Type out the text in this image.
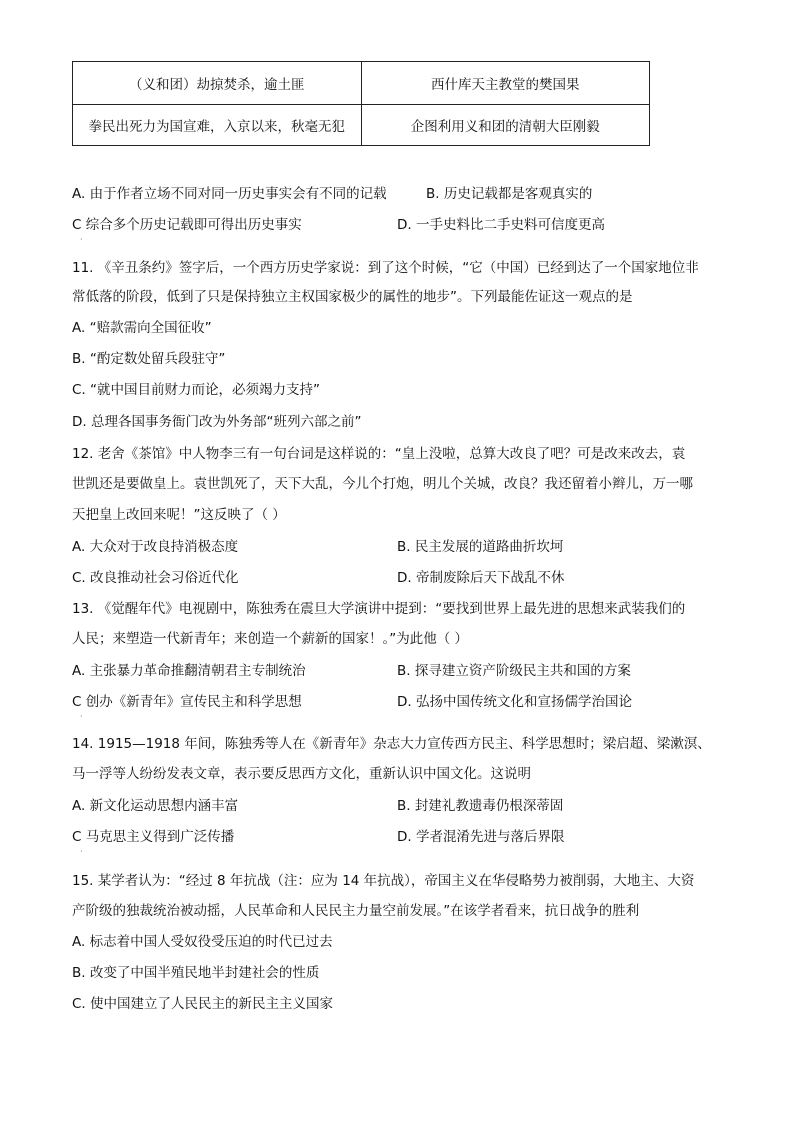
（义和团）劫掠焚杀，逾土匪	西什库天主教堂的樊国果
拳民出死力为国宣难，入京以来，秋毫无犯	企图利用义和团的清朝大臣刚毅
A. 由于作者立场不同对同一历史事实会有不同的记载	B. 历史记载都是客观真实的
C 综合多个历史记载即可得出历史事实	D. 一手史料比二手史料可信度更高
·
11. 《辛丑条约》签字后，一个西方历史学家说：到了这个时候，“它（中国）已经到达了一个国家地位非
常低落的阶段，低到了只是保持独立主权国家极少的属性的地步”。下列最能佐证这一观点的是
A. “赔款需向全国征收”
B. “酌定数处留兵段驻守”
C. “就中国目前财力而论，必须竭力支持”
D. 总理各国事务衙门改为外务部“班列六部之前”
12. 老舍《茶馆》中人物李三有一句台词是这样说的：“皇上没啦，总算大改良了吧？可是改来改去，袁
世凯还是要做皇上。袁世凯死了，天下大乱，今儿个打炮，明儿个关城，改良？我还留着小辫儿，万一哪
天把皇上改回来呢！”这反映了（ ）
A. 大众对于改良持消极态度	B. 民主发展的道路曲折坎坷
C. 改良推动社会习俗近代化	D. 帝制废除后天下战乱不休
13. 《觉醒年代》电视剧中，陈独秀在震旦大学演讲中提到：“要找到世界上最先进的思想来武装我们的
人民；来塑造一代新青年；来创造一个薪新的国家！。”为此他（ ）
A. 主张暴力革命推翻清朝君主专制统治	B. 探寻建立资产阶级民主共和国的方案
C 创办《新青年》宣传民主和科学思想	D. 弘扬中国传统文化和宣扬儒学治国论
·
14. 1915—1918 年间，陈独秀等人在《新青年》杂志大力宣传西方民主、科学思想时；梁启超、梁漱溟、
马一浮等人纷纷发表文章，表示要反思西方文化，重新认识中国文化。这说明
A. 新文化运动思想内涵丰富	B. 封建礼教遗毒仍根深蒂固
C 马克思主义得到广泛传播	D. 学者混淆先进与落后界限
·
15. 某学者认为：“经过 8 年抗战（注：应为 14 年抗战），帝国主义在华侵略势力被削弱，大地主、大资
产阶级的独裁统治被动摇，人民革命和人民民主力量空前发展。”在该学者看来，抗日战争的胜利
A. 标志着中国人受奴役受压迫的时代已过去
B. 改变了中国半殖民地半封建社会的性质
C. 使中国建立了人民民主的新民主主义国家
